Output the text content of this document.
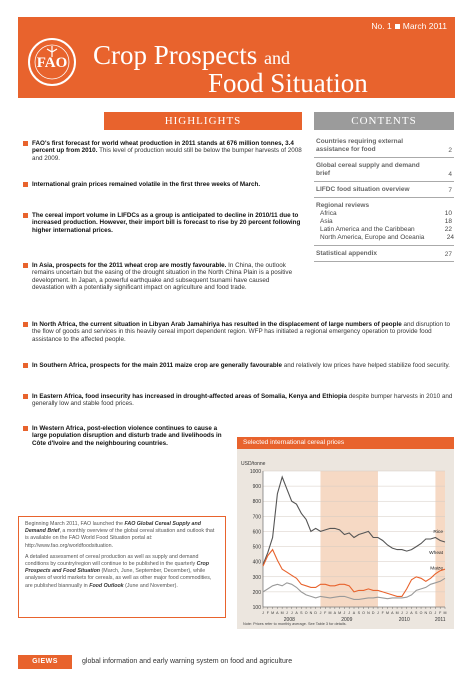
No. 1 March 2011
FAO Crop Prospects and
Food Situation
HIGHLIGHTS	CONTENTS
FAO's first forecast for world wheat production in 2011 stands at 676 million tonnes, 3.4 percent up from 2010. This level of production would still be below the bumper harvests of 2008 and 2009.
International grain prices remained volatile in the first three weeks of March.
The cereal import volume in LIFDCs as a group is anticipated to decline in 2010/11 due to increased production. However, their import bill is forecast to rise by 20 percent following higher international prices.
In Asia, prospects for the 2011 wheat crop are mostly favourable. In China, the outlook remains uncertain but the easing of the drought situation in the North China Plain is a positive development. In Japan, a powerful earthquake and subsequent tsunami have caused devastation with a potentially significant impact on agriculture and food trade.
In North Africa, the current situation in Libyan Arab Jamahiriya has resulted in the displacement of large numbers of people and disruption to the flow of goods and services in this heavily cereal import dependent region. WFP has initiated a regional emergency operation to provide food assistance to the affected people.
In Southern Africa, prospects for the main 2011 maize crop are generally favourable and relatively low prices have helped stabilize food security.
In Eastern Africa, food insecurity has increased in drought-affected areas of Somalia, Kenya and Ethiopia despite bumper harvests in 2010 and generally low and stable food prices.
In Western Africa, post-election violence continues to cause a large population disruption and disturb trade and livelihoods in Côte d'Ivoire and the neighbouring countries.
Countries requiring external assistance for food	2
Global cereal supply and demand brief	4
LIFDC food situation overview	7
Regional reviews
Africa	10
Asia	18
Latin America and the Caribbean	22
North America, Europe and Oceania	24
Statistical appendix	27

Beginning March 2011, FAO launched the FAO Global Cereal Supply and Demand Brief, a monthly overview of the global cereal situation and outlook that is available on the FAO World Food Situation portal at: http://www.fao.org/worldfoodsituation.

A detailed assessment of cereal production as well as supply and demand conditions by country/region will continue to be published in the quarterly Crop Prospects and Food Situation (March, June, September, December), while analyses of world markets for cereals, as well as other major food commodities, are published biannually in Food Outlook (June and November).

Selected international cereal prices
1000
900
800
700
600
500
400
300
200
100
USD/tonne
J F M A M J J A S O N D J F M A M J J A S O N D J F M A M J J A S O N D J F M
2008	2009	2010	2011
Rice
Wheat
Maize
Note: Prices refer to monthly average. See Table 3 for details.
GIEWS	global information and early warning system on food and agriculture
